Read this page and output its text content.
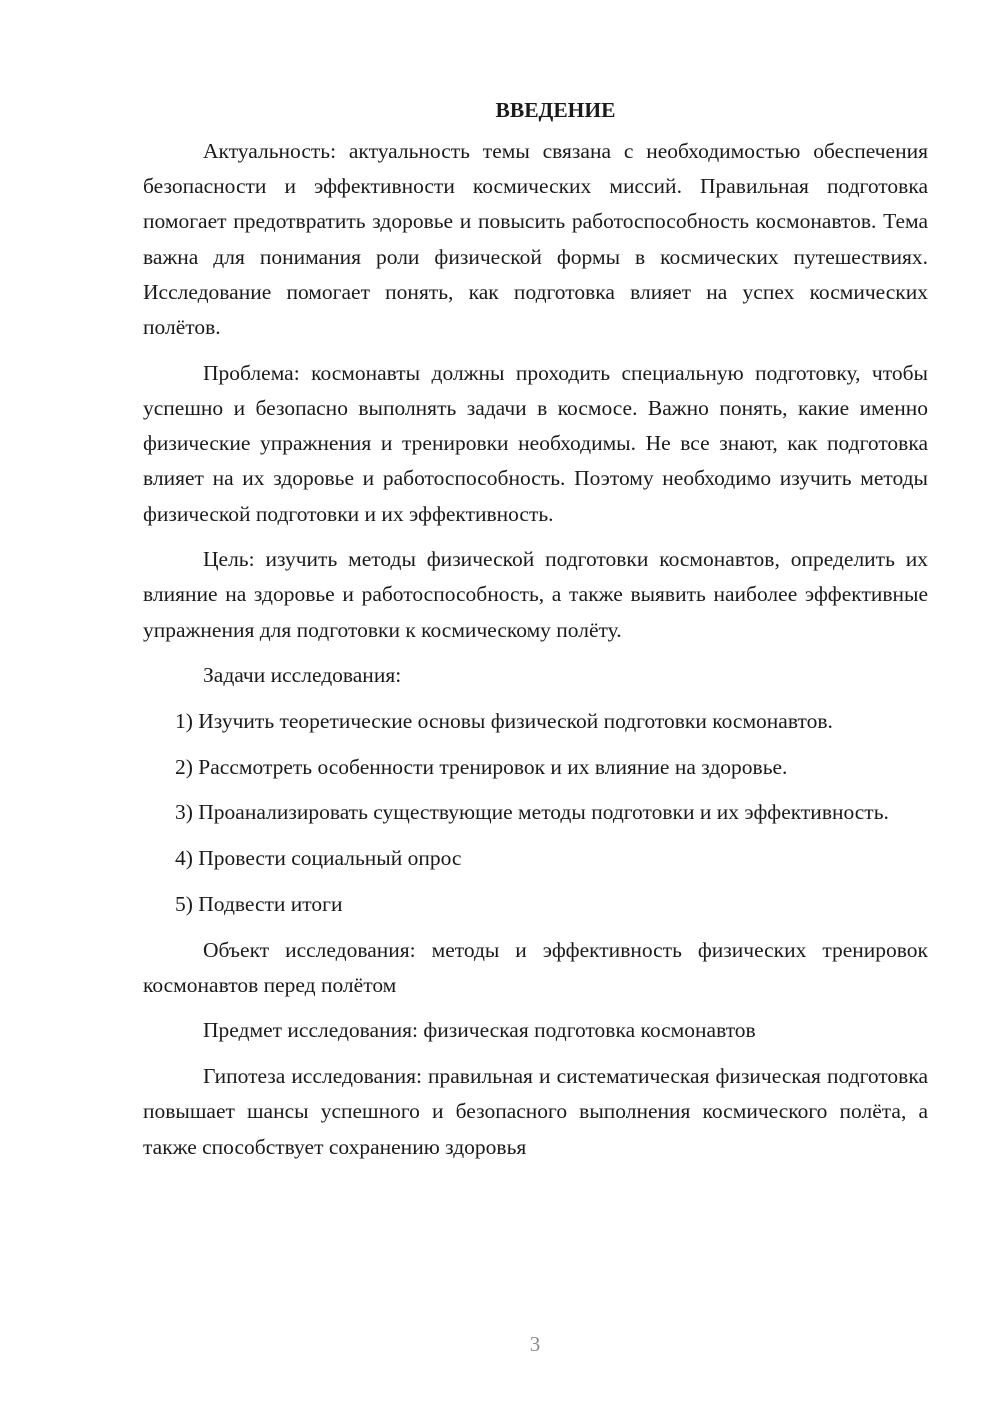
ВВЕДЕНИЕ

Актуальность: актуальность темы связана с необходимостью обеспечения безопасности и эффективности космических миссий. Правильная подготовка помогает предотвратить здоровье и повысить работоспособность космонавтов. Тема важна для понимания роли физической формы в космических путешествиях. Исследование помогает понять, как подготовка влияет на успех космических полётов.

Проблема: космонавты должны проходить специальную подготовку, чтобы успешно и безопасно выполнять задачи в космосе. Важно понять, какие именно физические упражнения и тренировки необходимы. Не все знают, как подготовка влияет на их здоровье и работоспособность. Поэтому необходимо изучить методы физической подготовки и их эффективность.

Цель: изучить методы физической подготовки космонавтов, определить их влияние на здоровье и работоспособность, а также выявить наиболее эффективные упражнения для подготовки к космическому полёту.

Задачи исследования:

1) Изучить теоретические основы физической подготовки космонавтов.

2) Рассмотреть особенности тренировок и их влияние на здоровье.

3) Проанализировать существующие методы подготовки и их эффективность.

4) Провести социальный опрос

5) Подвести итоги

Объект исследования: методы и эффективность физических тренировок космонавтов перед полётом

Предмет исследования: физическая подготовка космонавтов

Гипотеза исследования: правильная и систематическая физическая подготовка повышает шансы успешного и безопасного выполнения космического полёта, а также способствует сохранению здоровья

3
